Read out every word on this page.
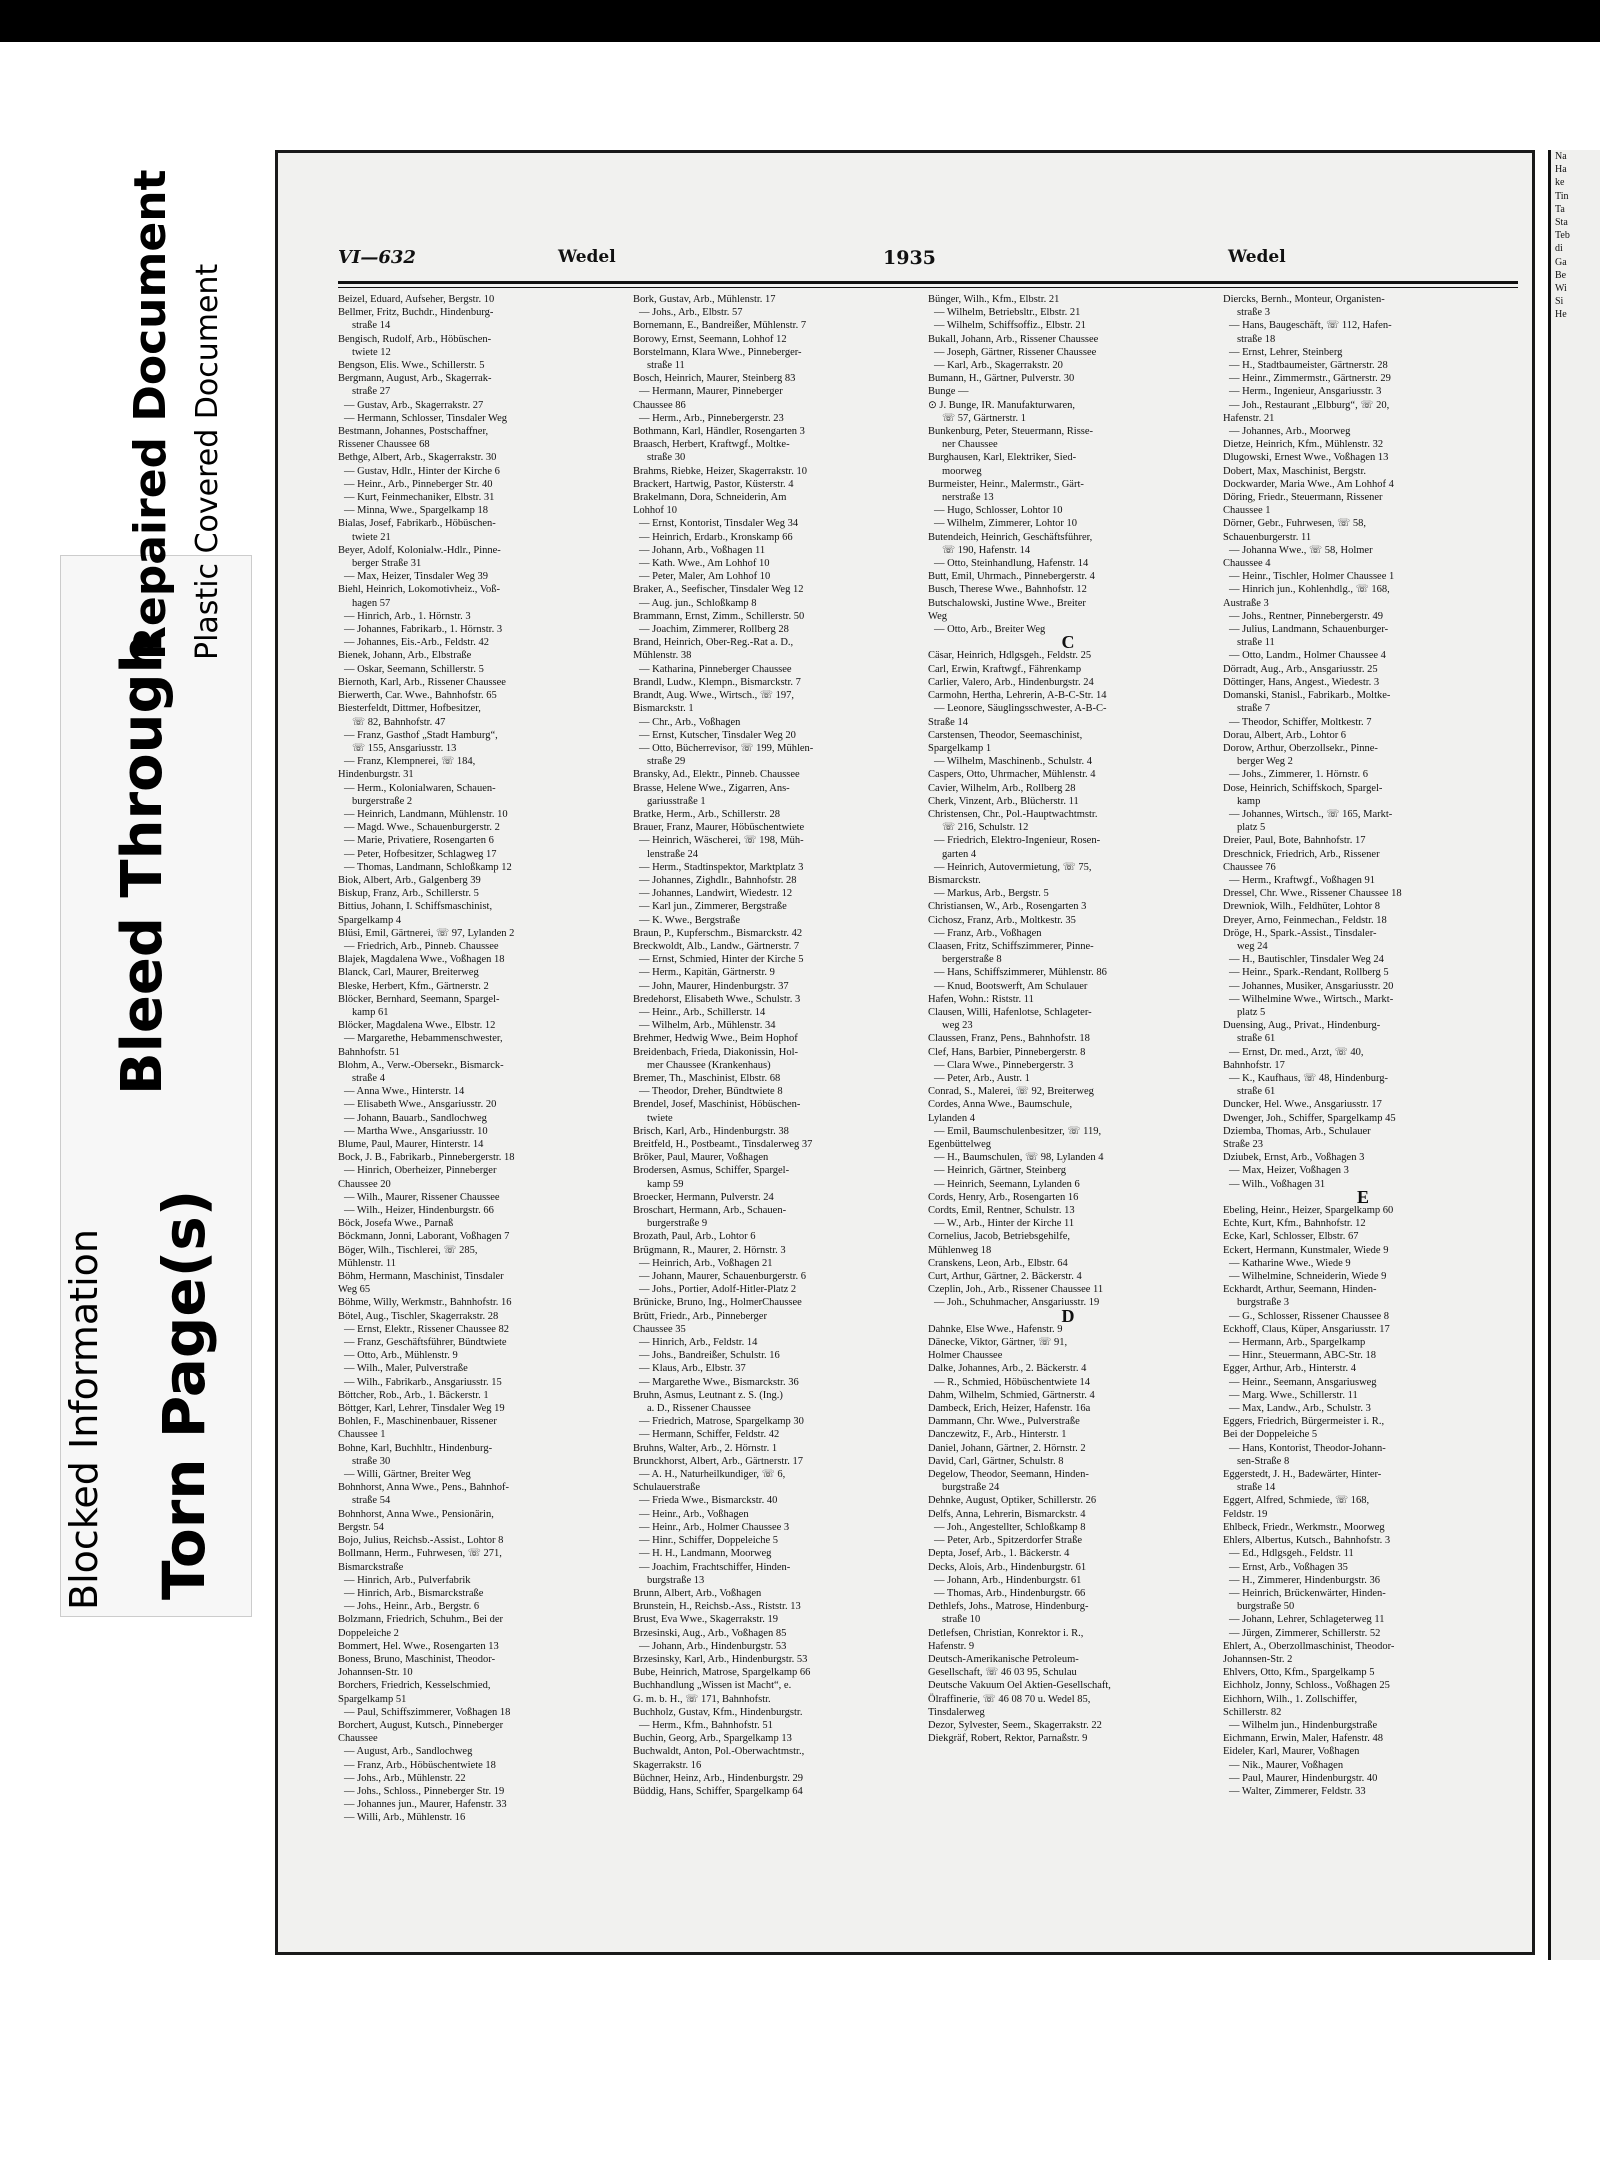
Blocked Information
Bleed Through
Torn Page(s)
Repaired Document Plastic Covered Document
VI—632	Wedel	1935	Wedel

Beizel, Eduard, Aufseher, Bergstr. 10

Bellmer, Fritz, Buchdr., Hindenburg-

straße 14

Bengisch, Rudolf, Arb., Höbüschen-

twiete 12

Bengson, Elis. Wwe., Schillerstr. 5

Bergmann, August, Arb., Skagerrak-

straße 27

— Gustav, Arb., Skagerrakstr. 27

— Hermann, Schlosser, Tinsdaler Weg

Bestmann, Johannes, Postschaffner,

Rissener Chaussee 68

Bethge, Albert, Arb., Skagerrakstr. 30

— Gustav, Hdlr., Hinter der Kirche 6

— Heinr., Arb., Pinneberger Str. 40

— Kurt, Feinmechaniker, Elbstr. 31

— Minna, Wwe., Spargelkamp 18

Bialas, Josef, Fabrikarb., Höbüschen-

twiete 21

Beyer, Adolf, Kolonialw.-Hdlr., Pinne-

berger Straße 31

— Max, Heizer, Tinsdaler Weg 39

Biehl, Heinrich, Lokomotivheiz., Voß-

hagen 57

— Hinrich, Arb., 1. Hörnstr. 3

— Johannes, Fabrikarb., 1. Hörnstr. 3

— Johannes, Eis.-Arb., Feldstr. 42

Bienek, Johann, Arb., Elbstraße

— Oskar, Seemann, Schillerstr. 5

Biernoth, Karl, Arb., Rissener Chaussee

Bierwerth, Car. Wwe., Bahnhofstr. 65

Biesterfeldt, Dittmer, Hofbesitzer,

☏ 82, Bahnhofstr. 47

— Franz, Gasthof „Stadt Hamburg“,

☏ 155, Ansgariusstr. 13

— Franz, Klempnerei, ☏ 184,

Hindenburgstr. 31

— Herm., Kolonialwaren, Schauen-

burgerstraße 2

— Heinrich, Landmann, Mühlenstr. 10

— Magd. Wwe., Schauenburgerstr. 2

— Marie, Privatiere, Rosengarten 6

— Peter, Hofbesitzer, Schlagweg 17

— Thomas, Landmann, Schloßkamp 12

Biok, Albert, Arb., Galgenberg 39

Biskup, Franz, Arb., Schillerstr. 5

Bittius, Johann, I. Schiffsmaschinist,

Spargelkamp 4

Blüsi, Emil, Gärtnerei, ☏ 97, Lylanden 2

— Friedrich, Arb., Pinneb. Chaussee

Blajek, Magdalena Wwe., Voßhagen 18

Blanck, Carl, Maurer, Breiterweg

Bleske, Herbert, Kfm., Gärtnerstr. 2

Blöcker, Bernhard, Seemann, Spargel-

kamp 61

Blöcker, Magdalena Wwe., Elbstr. 12

— Margarethe, Hebammenschwester,

Bahnhofstr. 51

Blohm, A., Verw.-Obersekr., Bismarck-

straße 4

— Anna Wwe., Hinterstr. 14

— Elisabeth Wwe., Ansgariusstr. 20

— Johann, Bauarb., Sandlochweg

— Martha Wwe., Ansgariusstr. 10

Blume, Paul, Maurer, Hinterstr. 14

Bock, J. B., Fabrikarb., Pinnebergerstr. 18

— Hinrich, Oberheizer, Pinneberger

Chaussee 20

— Wilh., Maurer, Rissener Chaussee

— Wilh., Heizer, Hindenburgstr. 66

Böck, Josefa Wwe., Parnaß

Böckmann, Jonni, Laborant, Voßhagen 7

Böger, Wilh., Tischlerei, ☏ 285,

Mühlenstr. 11

Böhm, Hermann, Maschinist, Tinsdaler

Weg 65

Böhme, Willy, Werkmstr., Bahnhofstr. 16

Bötel, Aug., Tischler, Skagerrakstr. 28

— Ernst, Elektr., Rissener Chaussee 82

— Franz, Geschäftsführer, Bündtwiete

— Otto, Arb., Mühlenstr. 9

— Wilh., Maler, Pulverstraße

— Wilh., Fabrikarb., Ansgariusstr. 15

Böttcher, Rob., Arb., 1. Bäckerstr. 1

Böttger, Karl, Lehrer, Tinsdaler Weg 19

Bohlen, F., Maschinenbauer, Rissener

Chaussee 1

Bohne, Karl, Buchhltr., Hindenburg-

straße 30

— Willi, Gärtner, Breiter Weg

Bohnhorst, Anna Wwe., Pens., Bahnhof-

straße 54

Bohnhorst, Anna Wwe., Pensionärin,

Bergstr. 54

Bojo, Julius, Reichsb.-Assist., Lohtor 8

Bollmann, Herm., Fuhrwesen, ☏ 271,

Bismarckstraße

— Hinrich, Arb., Pulverfabrik

— Hinrich, Arb., Bismarckstraße

— Johs., Heinr., Arb., Bergstr. 6

Bolzmann, Friedrich, Schuhm., Bei der

Doppeleiche 2

Bommert, Hel. Wwe., Rosengarten 13

Boness, Bruno, Maschinist, Theodor-

Johannsen-Str. 10

Borchers, Friedrich, Kesselschmied,

Spargelkamp 51

— Paul, Schiffszimmerer, Voßhagen 18

Borchert, August, Kutsch., Pinneberger

Chaussee

— August, Arb., Sandlochweg

— Franz, Arb., Höbüschentwiete 18

— Johs., Arb., Mühlenstr. 22

— Johs., Schloss., Pinneberger Str. 19

— Johannes jun., Maurer, Hafenstr. 33

— Willi, Arb., Mühlenstr. 16

Bork, Gustav, Arb., Mühlenstr. 17

— Johs., Arb., Elbstr. 57

Bornemann, E., Bandreißer, Mühlenstr. 7

Borowy, Ernst, Seemann, Lohhof 12

Borstelmann, Klara Wwe., Pinneberger-

straße 11

Bosch, Heinrich, Maurer, Steinberg 83

— Hermann, Maurer, Pinneberger

Chaussee 86

— Herm., Arb., Pinnebergerstr. 23

Bothmann, Karl, Händler, Rosengarten 3

Braasch, Herbert, Kraftwgf., Moltke-

straße 30

Brahms, Riebke, Heizer, Skagerrakstr. 10

Brackert, Hartwig, Pastor, Küsterstr. 4

Brakelmann, Dora, Schneiderin, Am

Lohhof 10

— Ernst, Kontorist, Tinsdaler Weg 34

— Heinrich, Erdarb., Kronskamp 66

— Johann, Arb., Voßhagen 11

— Kath. Wwe., Am Lohhof 10

— Peter, Maler, Am Lohhof 10

Braker, A., Seefischer, Tinsdaler Weg 12

— Aug. jun., Schloßkamp 8

Brammann, Ernst, Zimm., Schillerstr. 50

— Joachim, Zimmerer, Rollberg 28

Brand, Heinrich, Ober-Reg.-Rat a. D.,

Mühlenstr. 38

— Katharina, Pinneberger Chaussee

Brandl, Ludw., Klempn., Bismarckstr. 7

Brandt, Aug. Wwe., Wirtsch., ☏ 197,

Bismarckstr. 1

— Chr., Arb., Voßhagen

— Ernst, Kutscher, Tinsdaler Weg 20

— Otto, Bücherrevisor, ☏ 199, Mühlen-

straße 29

Bransky, Ad., Elektr., Pinneb. Chaussee

Brasse, Helene Wwe., Zigarren, Ans-

gariusstraße 1

Bratke, Herm., Arb., Schillerstr. 28

Brauer, Franz, Maurer, Höbüschentwiete

— Heinrich, Wäscherei, ☏ 198, Müh-

lenstraße 24

— Herm., Stadtinspektor, Marktplatz 3

— Johannes, Zighdlr., Bahnhofstr. 28

— Johannes, Landwirt, Wiedestr. 12

— Karl jun., Zimmerer, Bergstraße

— K. Wwe., Bergstraße

Braun, P., Kupferschm., Bismarckstr. 42

Breckwoldt, Alb., Landw., Gärtnerstr. 7

— Ernst, Schmied, Hinter der Kirche 5

— Herm., Kapitän, Gärtnerstr. 9

— John, Maurer, Hindenburgstr. 37

Bredehorst, Elisabeth Wwe., Schulstr. 3

— Heinr., Arb., Schillerstr. 14

— Wilhelm, Arb., Mühlenstr. 34

Brehmer, Hedwig Wwe., Beim Hophof

Breidenbach, Frieda, Diakonissin, Hol-

mer Chaussee (Krankenhaus)

Bremer, Th., Maschinist, Elbstr. 68

— Theodor, Dreher, Bündtwiete 8

Brendel, Josef, Maschinist, Höbüschen-

twiete

Brisch, Karl, Arb., Hindenburgstr. 38

Breitfeld, H., Postbeamt., Tinsdalerweg 37

Bröker, Paul, Maurer, Voßhagen

Brodersen, Asmus, Schiffer, Spargel-

kamp 59

Broecker, Hermann, Pulverstr. 24

Broschart, Hermann, Arb., Schauen-

burgerstraße 9

Brozath, Paul, Arb., Lohtor 6

Brügmann, R., Maurer, 2. Hörnstr. 3

— Heinrich, Arb., Voßhagen 21

— Johann, Maurer, Schauenburgerstr. 6

— Johs., Portier, Adolf-Hitler-Platz 2

Brünicke, Bruno, Ing., HolmerChaussee

Brütt, Friedr., Arb., Pinneberger

Chaussee 35

— Hinrich, Arb., Feldstr. 14

— Johs., Bandreißer, Schulstr. 16

— Klaus, Arb., Elbstr. 37

— Margarethe Wwe., Bismarckstr. 36

Bruhn, Asmus, Leutnant z. S. (Ing.)

a. D., Rissener Chaussee

— Friedrich, Matrose, Spargelkamp 30

— Hermann, Schiffer, Feldstr. 42

Bruhns, Walter, Arb., 2. Hörnstr. 1

Brunckhorst, Albert, Arb., Gärtnerstr. 17

— A. H., Naturheilkundiger, ☏ 6,

Schulauerstraße

— Frieda Wwe., Bismarckstr. 40

— Heinr., Arb., Voßhagen

— Heinr., Arb., Holmer Chaussee 3

— Hinr., Schiffer, Doppeleiche 5

— H. H., Landmann, Moorweg

— Joachim, Frachtschiffer, Hinden-

burgstraße 13

Brunn, Albert, Arb., Voßhagen

Brunstein, H., Reichsb.-Ass., Riststr. 13

Brust, Eva Wwe., Skagerrakstr. 19

Brzesinski, Aug., Arb., Voßhagen 85

— Johann, Arb., Hindenburgstr. 53

Brzesinsky, Karl, Arb., Hindenburgstr. 53

Bube, Heinrich, Matrose, Spargelkamp 66

Buchhandlung „Wissen ist Macht“, e.

G. m. b. H., ☏ 171, Bahnhofstr.

Buchholz, Gustav, Kfm., Hindenburgstr.

— Herm., Kfm., Bahnhofstr. 51

Buchin, Georg, Arb., Spargelkamp 13

Buchwaldt, Anton, Pol.-Oberwachtmstr.,

Skagerrakstr. 16

Büchner, Heinz, Arb., Hindenburgstr. 29

Büddig, Hans, Schiffer, Spargelkamp 64

Bünger, Wilh., Kfm., Elbstr. 21

— Wilhelm, Betriebsltr., Elbstr. 21

— Wilhelm, Schiffsoffiz., Elbstr. 21

Bukall, Johann, Arb., Rissener Chaussee

— Joseph, Gärtner, Rissener Chaussee

— Karl, Arb., Skagerrakstr. 20

Bumann, H., Gärtner, Pulverstr. 30

Bunge —

⊙ J. Bunge, IR. Manufakturwaren,

☏ 57, Gärtnerstr. 1

Bunkenburg, Peter, Steuermann, Risse-

ner Chaussee

Burghausen, Karl, Elektriker, Sied-

moorweg

Burmeister, Heinr., Malermstr., Gärt-

nerstraße 13

— Hugo, Schlosser, Lohtor 10

— Wilhelm, Zimmerer, Lohtor 10

Butendeich, Heinrich, Geschäftsführer,

☏ 190, Hafenstr. 14

— Otto, Steinhandlung, Hafenstr. 14

Butt, Emil, Uhrmach., Pinnebergerstr. 4

Busch, Therese Wwe., Bahnhofstr. 12

Butschalowski, Justine Wwe., Breiter

Weg

— Otto, Arb., Breiter Weg

C

Cäsar, Heinrich, Hdlgsgeh., Feldstr. 25

Carl, Erwin, Kraftwgf., Fährenkamp

Carlier, Valero, Arb., Hindenburgstr. 24

Carmohn, Hertha, Lehrerin, A-B-C-Str. 14

— Leonore, Säuglingsschwester, A-B-C-

Straße 14

Carstensen, Theodor, Seemaschinist,

Spargelkamp 1

— Wilhelm, Maschinenb., Schulstr. 4

Caspers, Otto, Uhrmacher, Mühlenstr. 4

Cavier, Wilhelm, Arb., Rollberg 28

Cherk, Vinzent, Arb., Blücherstr. 11

Christensen, Chr., Pol.-Hauptwachtmstr.

☏ 216, Schulstr. 12

— Friedrich, Elektro-Ingenieur, Rosen-

garten 4

— Heinrich, Autovermietung, ☏ 75,

Bismarckstr.

— Markus, Arb., Bergstr. 5

Christiansen, W., Arb., Rosengarten 3

Cichosz, Franz, Arb., Moltkestr. 35

— Franz, Arb., Voßhagen

Claasen, Fritz, Schiffszimmerer, Pinne-

bergerstraße 8

— Hans, Schiffszimmerer, Mühlenstr. 86

— Knud, Bootswerft, Am Schulauer

Hafen, Wohn.: Riststr. 11

Clausen, Willi, Hafenlotse, Schlageter-

weg 23

Claussen, Franz, Pens., Bahnhofstr. 18

Clef, Hans, Barbier, Pinnebergerstr. 8

— Clara Wwe., Pinnebergerstr. 3

— Peter, Arb., Austr. 1

Conrad, S., Malerei, ☏ 92, Breiterweg

Cordes, Anna Wwe., Baumschule,

Lylanden 4

— Emil, Baumschulenbesitzer, ☏ 119,

Egenbüttelweg

— H., Baumschulen, ☏ 98, Lylanden 4

— Heinrich, Gärtner, Steinberg

— Heinrich, Seemann, Lylanden 6

Cords, Henry, Arb., Rosengarten 16

Cordts, Emil, Rentner, Schulstr. 13

— W., Arb., Hinter der Kirche 11

Cornelius, Jacob, Betriebsgehilfe,

Mühlenweg 18

Cranskens, Leon, Arb., Elbstr. 64

Curt, Arthur, Gärtner, 2. Bäckerstr. 4

Czeplin, Joh., Arb., Rissener Chaussee 11

— Joh., Schuhmacher, Ansgariusstr. 19

D

Dahnke, Else Wwe., Hafenstr. 9

Dänecke, Viktor, Gärtner, ☏ 91,

Holmer Chaussee

Dalke, Johannes, Arb., 2. Bäckerstr. 4

— R., Schmied, Höbüschentwiete 14

Dahm, Wilhelm, Schmied, Gärtnerstr. 4

Dambeck, Erich, Heizer, Hafenstr. 16a

Dammann, Chr. Wwe., Pulverstraße

Danczewitz, F., Arb., Hinterstr. 1

Daniel, Johann, Gärtner, 2. Hörnstr. 2

David, Carl, Gärtner, Schulstr. 8

Degelow, Theodor, Seemann, Hinden-

burgstraße 24

Dehnke, August, Optiker, Schillerstr. 26

Delfs, Anna, Lehrerin, Bismarckstr. 4

— Joh., Angestellter, Schloßkamp 8

— Peter, Arb., Spitzerdorfer Straße

Depta, Josef, Arb., 1. Bäckerstr. 4

Decks, Alois, Arb., Hindenburgstr. 61

— Johann, Arb., Hindenburgstr. 61

— Thomas, Arb., Hindenburgstr. 66

Dethlefs, Johs., Matrose, Hindenburg-

straße 10

Detlefsen, Christian, Konrektor i. R.,

Hafenstr. 9

Deutsch-Amerikanische Petroleum-

Gesellschaft, ☏ 46 03 95, Schulau

Deutsche Vakuum Oel Aktien-Gesellschaft,

Ölraffinerie, ☏ 46 08 70 u. Wedel 85,

Tinsdalerweg

Dezor, Sylvester, Seem., Skagerrakstr. 22

Diekgräf, Robert, Rektor, Parnaßstr. 9

Diercks, Bernh., Monteur, Organisten-

straße 3

— Hans, Baugeschäft, ☏ 112, Hafen-

straße 18

— Ernst, Lehrer, Steinberg

— H., Stadtbaumeister, Gärtnerstr. 28

— Heinr., Zimmermstr., Gärtnerstr. 29

— Herm., Ingenieur, Ansgariusstr. 3

— Joh., Restaurant „Elbburg“, ☏ 20,

Hafenstr. 21

— Johannes, Arb., Moorweg

Dietze, Heinrich, Kfm., Mühlenstr. 32

Dlugowski, Ernest Wwe., Voßhagen 13

Dobert, Max, Maschinist, Bergstr.

Dockwarder, Maria Wwe., Am Lohhof 4

Döring, Friedr., Steuermann, Rissener

Chaussee 1

Dörner, Gebr., Fuhrwesen, ☏ 58,

Schauenburgerstr. 11

— Johanna Wwe., ☏ 58, Holmer

Chaussee 4

— Heinr., Tischler, Holmer Chaussee 1

— Hinrich jun., Kohlenhdlg., ☏ 168,

Austraße 3

— Johs., Rentner, Pinnebergerstr. 49

— Julius, Landmann, Schauenburger-

straße 11

— Otto, Landm., Holmer Chaussee 4

Dörradt, Aug., Arb., Ansgariusstr. 25

Döttinger, Hans, Angest., Wiedestr. 3

Domanski, Stanisl., Fabrikarb., Moltke-

straße 7

— Theodor, Schiffer, Moltkestr. 7

Dorau, Albert, Arb., Lohtor 6

Dorow, Arthur, Oberzollsekr., Pinne-

berger Weg 2

— Johs., Zimmerer, 1. Hörnstr. 6

Dose, Heinrich, Schiffskoch, Spargel-

kamp

— Johannes, Wirtsch., ☏ 165, Markt-

platz 5

Dreier, Paul, Bote, Bahnhofstr. 17

Dreschnick, Friedrich, Arb., Rissener

Chaussee 76

— Herm., Kraftwgf., Voßhagen 91

Dressel, Chr. Wwe., Rissener Chaussee 18

Drewniok, Wilh., Feldhüter, Lohtor 8

Dreyer, Arno, Feinmechan., Feldstr. 18

Dröge, H., Spark.-Assist., Tinsdaler-

weg 24

— H., Bautischler, Tinsdaler Weg 24

— Heinr., Spark.-Rendant, Rollberg 5

— Johannes, Musiker, Ansgariusstr. 20

— Wilhelmine Wwe., Wirtsch., Markt-

platz 5

Duensing, Aug., Privat., Hindenburg-

straße 61

— Ernst, Dr. med., Arzt, ☏ 40,

Bahnhofstr. 17

— K., Kaufhaus, ☏ 48, Hindenburg-

straße 61

Duncker, Hel. Wwe., Ansgariusstr. 17

Dwenger, Joh., Schiffer, Spargelkamp 45

Dziemba, Thomas, Arb., Schulauer

Straße 23

Dziubek, Ernst, Arb., Voßhagen 3

— Max, Heizer, Voßhagen 3

— Wilh., Voßhagen 31

E

Ebeling, Heinr., Heizer, Spargelkamp 60

Echte, Kurt, Kfm., Bahnhofstr. 12

Ecke, Karl, Schlosser, Elbstr. 67

Eckert, Hermann, Kunstmaler, Wiede 9

— Katharine Wwe., Wiede 9

— Wilhelmine, Schneiderin, Wiede 9

Eckhardt, Arthur, Seemann, Hinden-

burgstraße 3

— G., Schlosser, Rissener Chaussee 8

Eckhoff, Claus, Küper, Ansgariusstr. 17

— Hermann, Arb., Spargelkamp

— Hinr., Steuermann, ABC-Str. 18

Egger, Arthur, Arb., Hinterstr. 4

— Heinr., Seemann, Ansgariusweg

— Marg. Wwe., Schillerstr. 11

— Max, Landw., Arb., Schulstr. 3

Eggers, Friedrich, Bürgermeister i. R.,

Bei der Doppeleiche 5

— Hans, Kontorist, Theodor-Johann-

sen-Straße 8

Eggerstedt, J. H., Badewärter, Hinter-

straße 14

Eggert, Alfred, Schmiede, ☏ 168,

Feldstr. 19

Ehlbeck, Friedr., Werkmstr., Moorweg

Ehlers, Albertus, Kutsch., Bahnhofstr. 3

— Ed., Hdlgsgeh., Feldstr. 11

— Ernst, Arb., Voßhagen 35

— H., Zimmerer, Hindenburgstr. 36

— Heinrich, Brückenwärter, Hinden-

burgstraße 50

— Johann, Lehrer, Schlageterweg 11

— Jürgen, Zimmerer, Schillerstr. 52

Ehlert, A., Oberzollmaschinist, Theodor-

Johannsen-Str. 2

Ehlvers, Otto, Kfm., Spargelkamp 5

Eichholz, Jonny, Schloss., Voßhagen 25

Eichhorn, Wilh., 1. Zollschiffer,

Schillerstr. 82

— Wilhelm jun., Hindenburgstraße

Eichmann, Erwin, Maler, Hafenstr. 48

Eideler, Karl, Maurer, Voßhagen

— Nik., Maurer, Voßhagen

— Paul, Maurer, Hindenburgstr. 40

— Walter, Zimmerer, Feldstr. 33

Na

Ha

ke

Tin

Ta

Sta

Teb

di

Ga

Be

Wi

Si

He
